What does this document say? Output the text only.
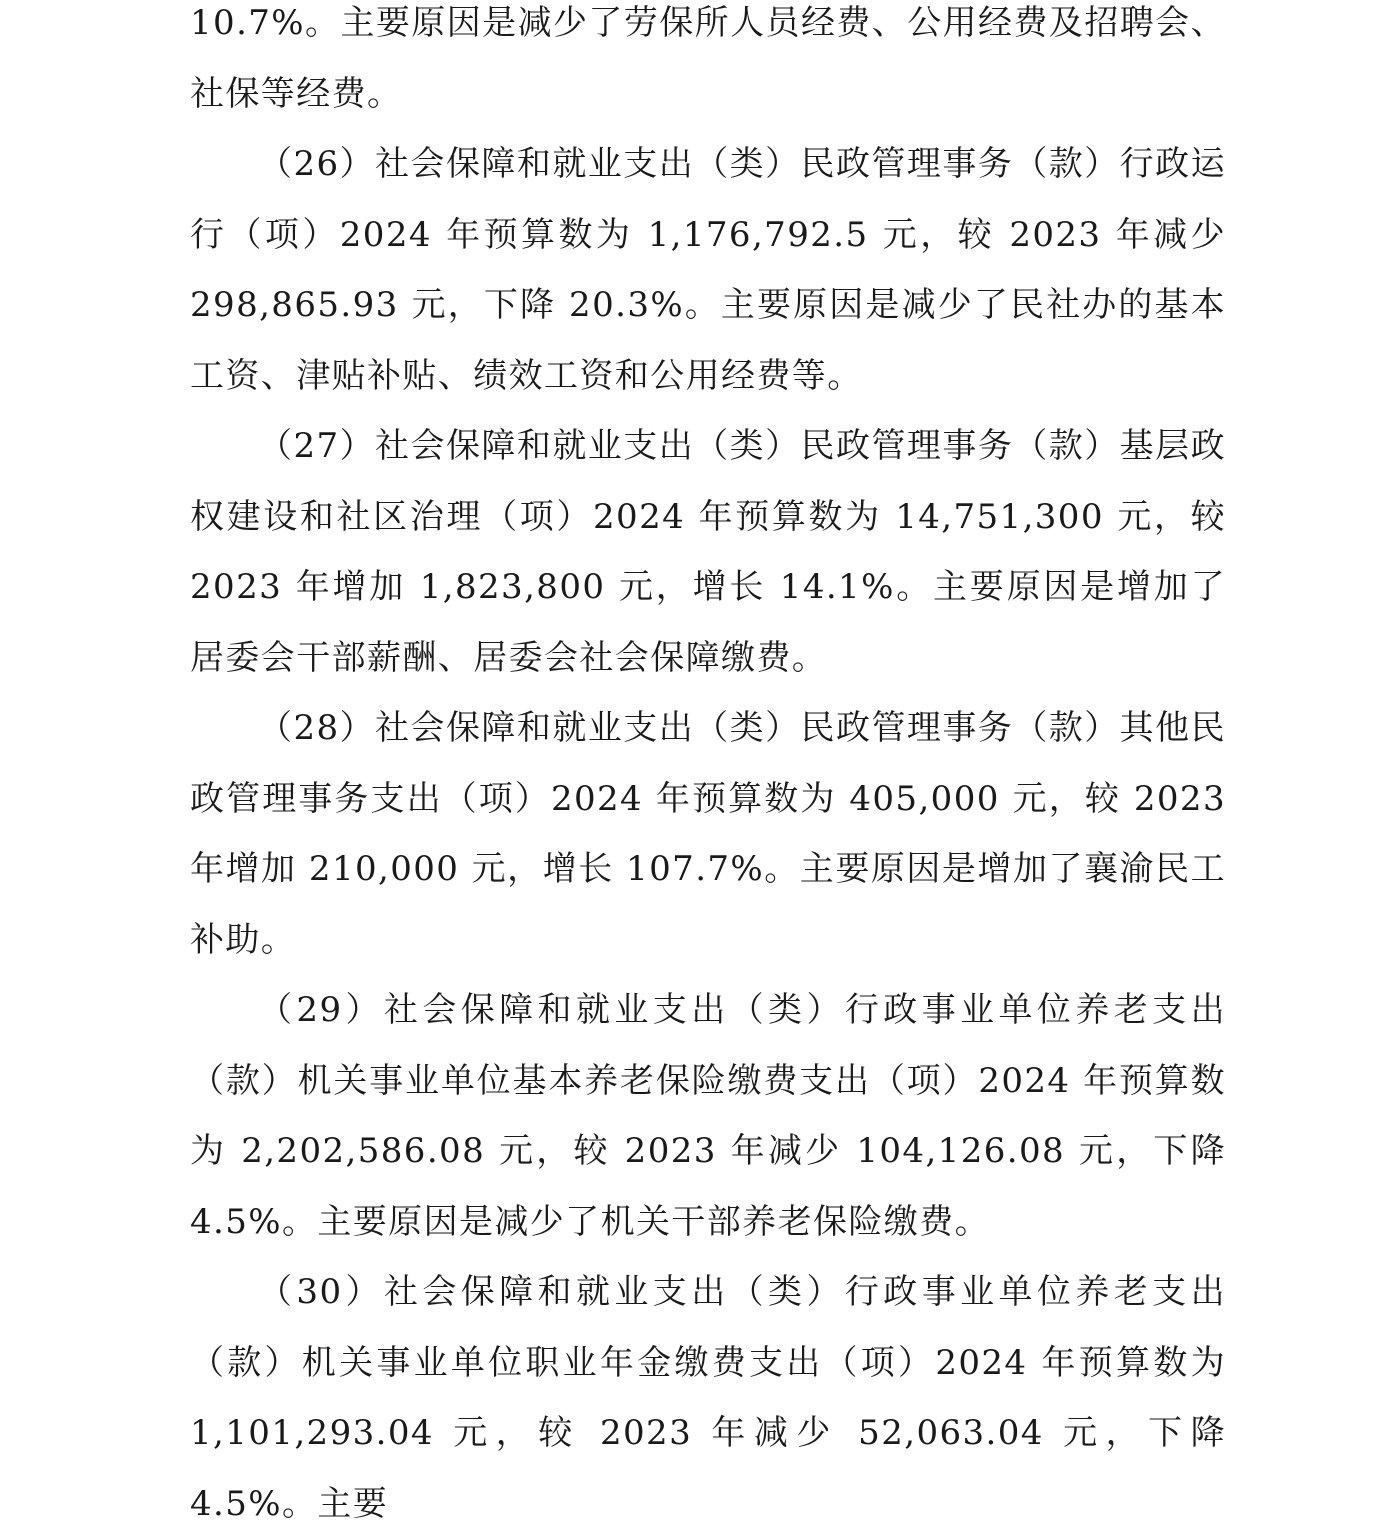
10.7%。主要原因是减少了劳保所人员经费、公用经费及招聘会、社保等经费。

（26）社会保障和就业支出（类）民政管理事务（款）行政运行（项）2024 年预算数为 1,176,792.5 元，较 2023 年减少 298,865.93 元，下降 20.3%。主要原因是减少了民社办的基本工资、津贴补贴、绩效工资和公用经费等。

（27）社会保障和就业支出（类）民政管理事务（款）基层政权建设和社区治理（项）2024 年预算数为 14,751,300 元，较 2023 年增加 1,823,800 元，增长 14.1%。主要原因是增加了居委会干部薪酬、居委会社会保障缴费。

（28）社会保障和就业支出（类）民政管理事务（款）其他民政管理事务支出（项）2024 年预算数为 405,000 元，较 2023 年增加 210,000 元，增长 107.7%。主要原因是增加了襄渝民工补助。

（29）社会保障和就业支出（类）行政事业单位养老支出（款）机关事业单位基本养老保险缴费支出（项）2024 年预算数为 2,202,586.08 元，较 2023 年减少 104,126.08 元，下降 4.5%。主要原因是减少了机关干部养老保险缴费。

（30）社会保障和就业支出（类）行政事业单位养老支出（款）机关事业单位职业年金缴费支出（项）2024 年预算数为 1,101,293.04 元，较 2023 年减少 52,063.04 元，下降 4.5%。主要
